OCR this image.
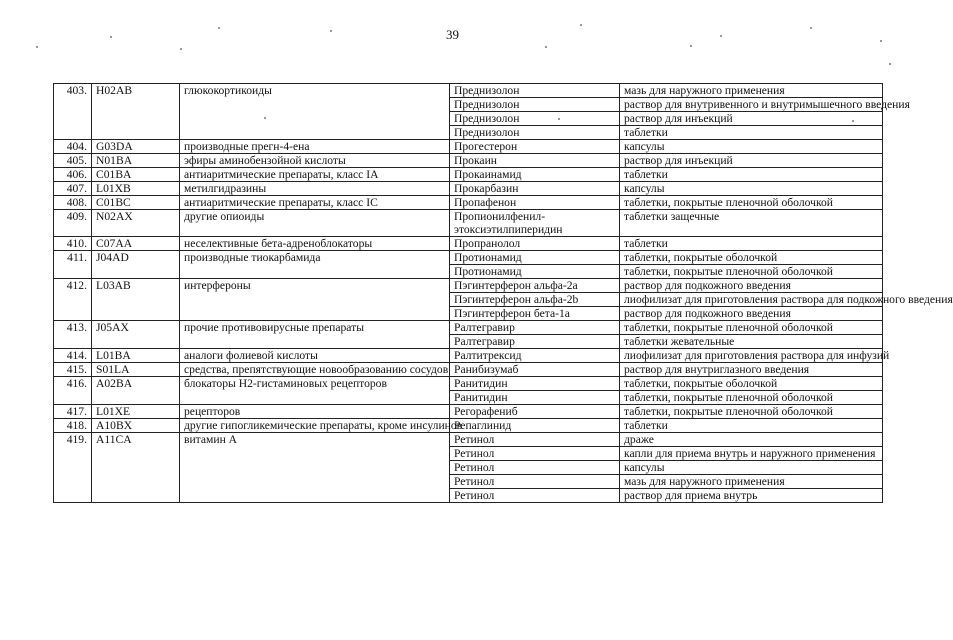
39
403.	H02AB	глюкокортикоиды	Преднизолон	мазь для наружного применения
			Преднизолон	раствор для внутривенного и внутримышечного введения
			Преднизолон	раствор для инъекций
			Преднизолон	таблетки
404.	G03DA	производные прегн-4-ена	Прогестерон	капсулы
405.	N01BA	эфиры аминобензойной кислоты	Прокаин	раствор для инъекций
406.	C01BA	антиаритмические препараты, класс IA	Прокаинамид	таблетки
407.	L01XB	метилгидразины	Прокарбазин	капсулы
408.	C01BC	антиаритмические препараты, класс IC	Пропафенон	таблетки, покрытые пленочной оболочкой
409.	N02AX	другие опиоиды	Пропионилфенил-этоксиэтилпиперидин	таблетки защечные
410.	C07AA	неселективные бета-адреноблокаторы	Пропранолол	таблетки
411.	J04AD	производные тиокарбамида	Протионамид	таблетки, покрытые оболочкой
			Протионамид	таблетки, покрытые пленочной оболочкой
412.	L03AB	интерфероны	Пэгинтерферон альфа-2а	раствор для подкожного введения
			Пэгинтерферон альфа-2b	лиофилизат для приготовления раствора для подкожного введения
			Пэгинтерферон бета-1а	раствор для подкожного введения
413.	J05AX	прочие противовирусные препараты	Ралтегравир	таблетки, покрытые пленочной оболочкой
			Ралтегравир	таблетки жевательные
414.	L01BA	аналоги фолиевой кислоты	Ралтитрексид	лиофилизат для приготовления раствора для инфузий
415.	S01LA	средства, препятствующие новообразованию сосудов	Ранибизумаб	раствор для внутриглазного введения
416.	A02BA	блокаторы H2-гистаминовых рецепторов	Ранитидин	таблетки, покрытые оболочкой
			Ранитидин	таблетки, покрытые пленочной оболочкой
417.	L01XE	рецепторов	Регорафениб	таблетки, покрытые пленочной оболочкой
418.	A10BX	другие гипогликемические препараты, кроме инсулинов	Репаглинид	таблетки
419.	A11CA	витамин А	Ретинол	драже
			Ретинол	капли для приема внутрь и наружного применения
			Ретинол	капсулы
			Ретинол	мазь для наружного применения
			Ретинол	раствор для приема внутрь
